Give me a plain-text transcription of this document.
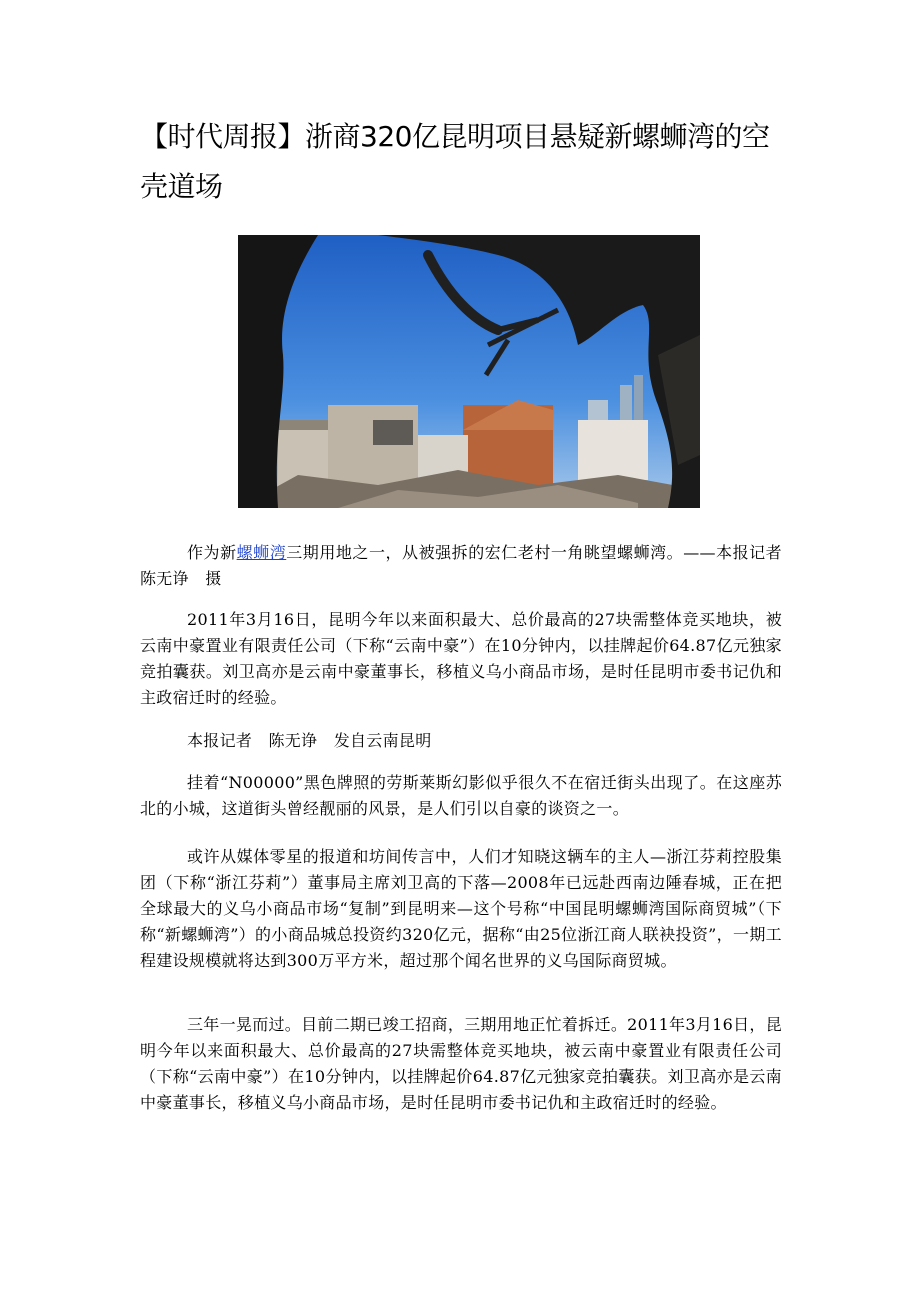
【时代周报】浙商320亿昆明项目悬疑新螺蛳湾的空壳道场

作为新螺蛳湾三期用地之一，从被强拆的宏仁老村一角眺望螺蛳湾。——本报记者　陈无诤　摄

2011年3月16日，昆明今年以来面积最大、总价最高的27块需整体竞买地块，被云南中豪置业有限责任公司（下称“云南中豪”）在10分钟内，以挂牌起价64.87亿元独家竞拍囊获。刘卫高亦是云南中豪董事长，移植义乌小商品市场，是时任昆明市委书记仇和主政宿迁时的经验。

本报记者　陈无诤　发自云南昆明

挂着“N00000”黑色牌照的劳斯莱斯幻影似乎很久不在宿迁街头出现了。在这座苏北的小城，这道街头曾经靓丽的风景，是人们引以自豪的谈资之一。

或许从媒体零星的报道和坊间传言中，人们才知晓这辆车的主人—浙江芬莉控股集团（下称“浙江芬莉”）董事局主席刘卫高的下落—2008年已远赴西南边陲春城，正在把全球最大的义乌小商品市场“复制”到昆明来—这个号称“中国昆明螺蛳湾国际商贸城”（下称“新螺蛳湾”）的小商品城总投资约320亿元，据称“由25位浙江商人联袂投资”，一期工程建设规模就将达到300万平方米，超过那个闻名世界的义乌国际商贸城。

三年一晃而过。目前二期已竣工招商，三期用地正忙着拆迁。2011年3月16日，昆明今年以来面积最大、总价最高的27块需整体竞买地块，被云南中豪置业有限责任公司（下称“云南中豪”）在10分钟内，以挂牌起价64.87亿元独家竞拍囊获。刘卫高亦是云南中豪董事长，移植义乌小商品市场，是时任昆明市委书记仇和主政宿迁时的经验。
